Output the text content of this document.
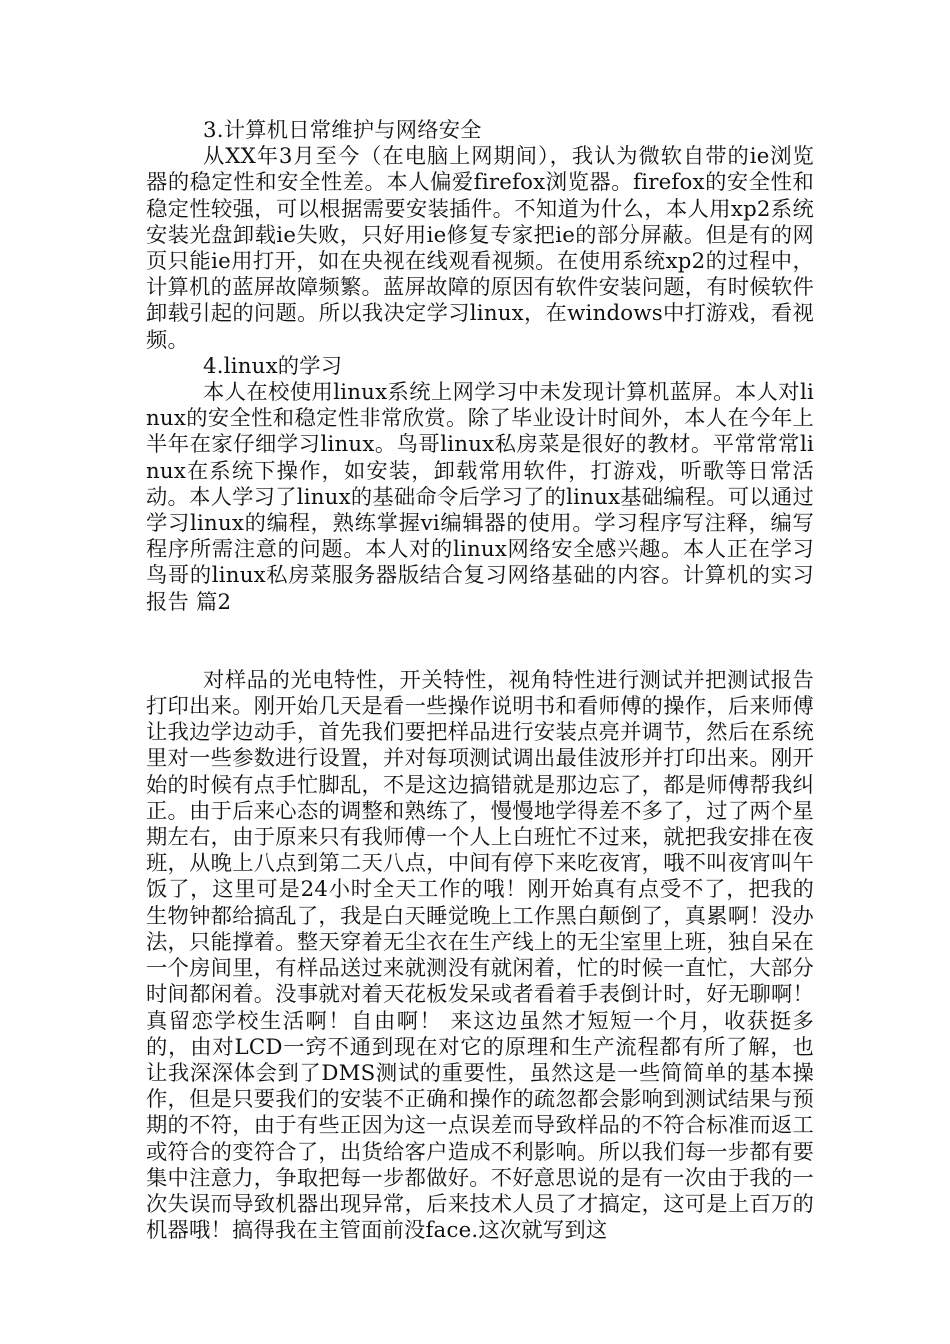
3.计算机日常维护与网络安全

从XX年3月至今（在电脑上网期间），我认为微软自带的ie浏览器的稳定性和安全性差。本人偏爱firefox浏览器。firefox的安全性和稳定性较强，可以根据需要安装插件。不知道为什么，本人用xp2系统安装光盘卸载ie失败，只好用ie修复专家把ie的部分屏蔽。但是有的网页只能ie用打开，如在央视在线观看视频。在使用系统xp2的过程中，计算机的蓝屏故障频繁。蓝屏故障的原因有软件安装问题，有时候软件卸载引起的问题。所以我决定学习linux，在windows中打游戏，看视频。

4.linux的学习

本人在校使用linux系统上网学习中未发现计算机蓝屏。本人对linux的安全性和稳定性非常欣赏。除了毕业设计时间外，本人在今年上半年在家仔细学习linux。鸟哥linux私房菜是很好的教材。平常常常linux在系统下操作，如安装，卸载常用软件，打游戏，听歌等日常活动。本人学习了linux的基础命令后学习了的linux基础编程。可以通过学习linux的编程，熟练掌握vi编辑器的使用。学习程序写注释，编写程序所需注意的问题。本人对的linux网络安全感兴趣。本人正在学习鸟哥的linux私房菜服务器版结合复习网络基础的内容。计算机的实习报告 篇2

对样品的光电特性，开关特性，视角特性进行测试并把测试报告打印出来。刚开始几天是看一些操作说明书和看师傅的操作，后来师傅让我边学边动手，首先我们要把样品进行安装点亮并调节，然后在系统里对一些参数进行设置，并对每项测试调出最佳波形并打印出来。刚开始的时候有点手忙脚乱，不是这边搞错就是那边忘了，都是师傅帮我纠正。由于后来心态的调整和熟练了，慢慢地学得差不多了，过了两个星期左右，由于原来只有我师傅一个人上白班忙不过来，就把我安排在夜班，从晚上八点到第二天八点，中间有停下来吃夜宵，哦不叫夜宵叫午饭了，这里可是24小时全天工作的哦！刚开始真有点受不了，把我的生物钟都给搞乱了，我是白天睡觉晚上工作黑白颠倒了，真累啊！没办法，只能撑着。整天穿着无尘衣在生产线上的无尘室里上班，独自呆在一个房间里，有样品送过来就测没有就闲着，忙的时候一直忙，大部分时间都闲着。没事就对着天花板发呆或者看着手表倒计时，好无聊啊！真留恋学校生活啊！自由啊！ 来这边虽然才短短一个月，收获挺多的，由对LCD一窍不通到现在对它的原理和生产流程都有所了解，也让我深深体会到了DMS测试的重要性，虽然这是一些简简单的基本操作，但是只要我们的安装不正确和操作的疏忽都会影响到测试结果与预期的不符，由于有些正因为这一点误差而导致样品的不符合标准而返工或符合的变符合了，出货给客户造成不利影响。所以我们每一步都有要集中注意力，争取把每一步都做好。不好意思说的是有一次由于我的一次失误而导致机器出现异常，后来技术人员了才搞定，这可是上百万的机器哦！搞得我在主管面前没face.这次就写到这
